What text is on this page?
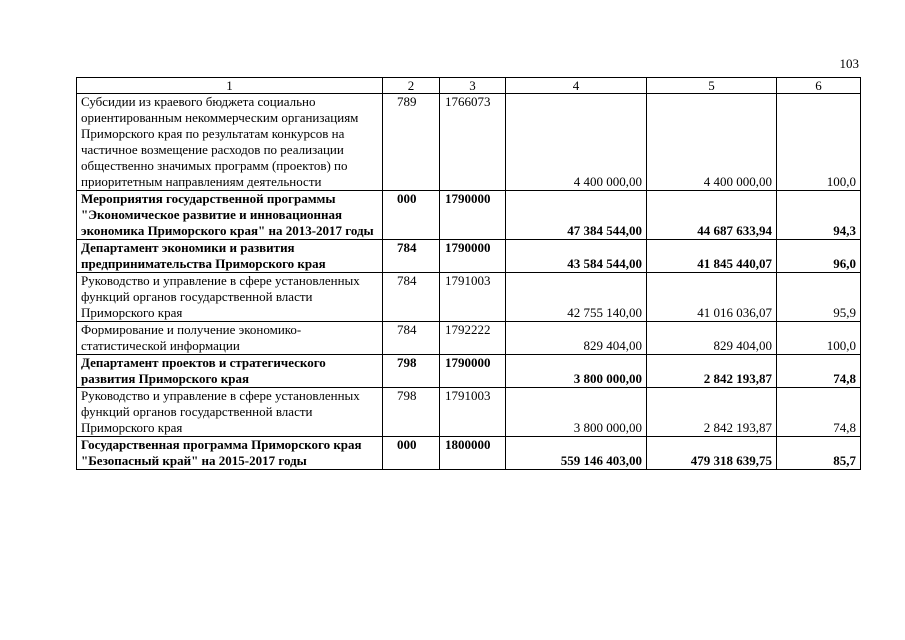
103
1	2	3	4	5	6
Субсидии из краевого бюджета социально ориентированным некоммерческим организациям Приморского края по результатам конкурсов на частичное возмещение расходов по реализации общественно значимых программ (проектов) по приоритетным направлениям деятельности	789	1766073	4 400 000,00	4 400 000,00	100,0
Мероприятия государственной программы "Экономическое развитие и инновационная экономика Приморского края" на 2013-2017 годы	000	1790000	47 384 544,00	44 687 633,94	94,3
Департамент экономики и развития предпринимательства Приморского края	784	1790000	43 584 544,00	41 845 440,07	96,0
Руководство и управление в сфере установленных функций органов государственной власти Приморского края	784	1791003	42 755 140,00	41 016 036,07	95,9
Формирование и получение экономико-статистической информации	784	1792222	829 404,00	829 404,00	100,0
Департамент проектов и стратегического развития Приморского края	798	1790000	3 800 000,00	2 842 193,87	74,8
Руководство и управление в сфере установленных функций органов государственной власти Приморского края	798	1791003	3 800 000,00	2 842 193,87	74,8
Государственная программа Приморского края "Безопасный край" на 2015-2017 годы	000	1800000	559 146 403,00	479 318 639,75	85,7
